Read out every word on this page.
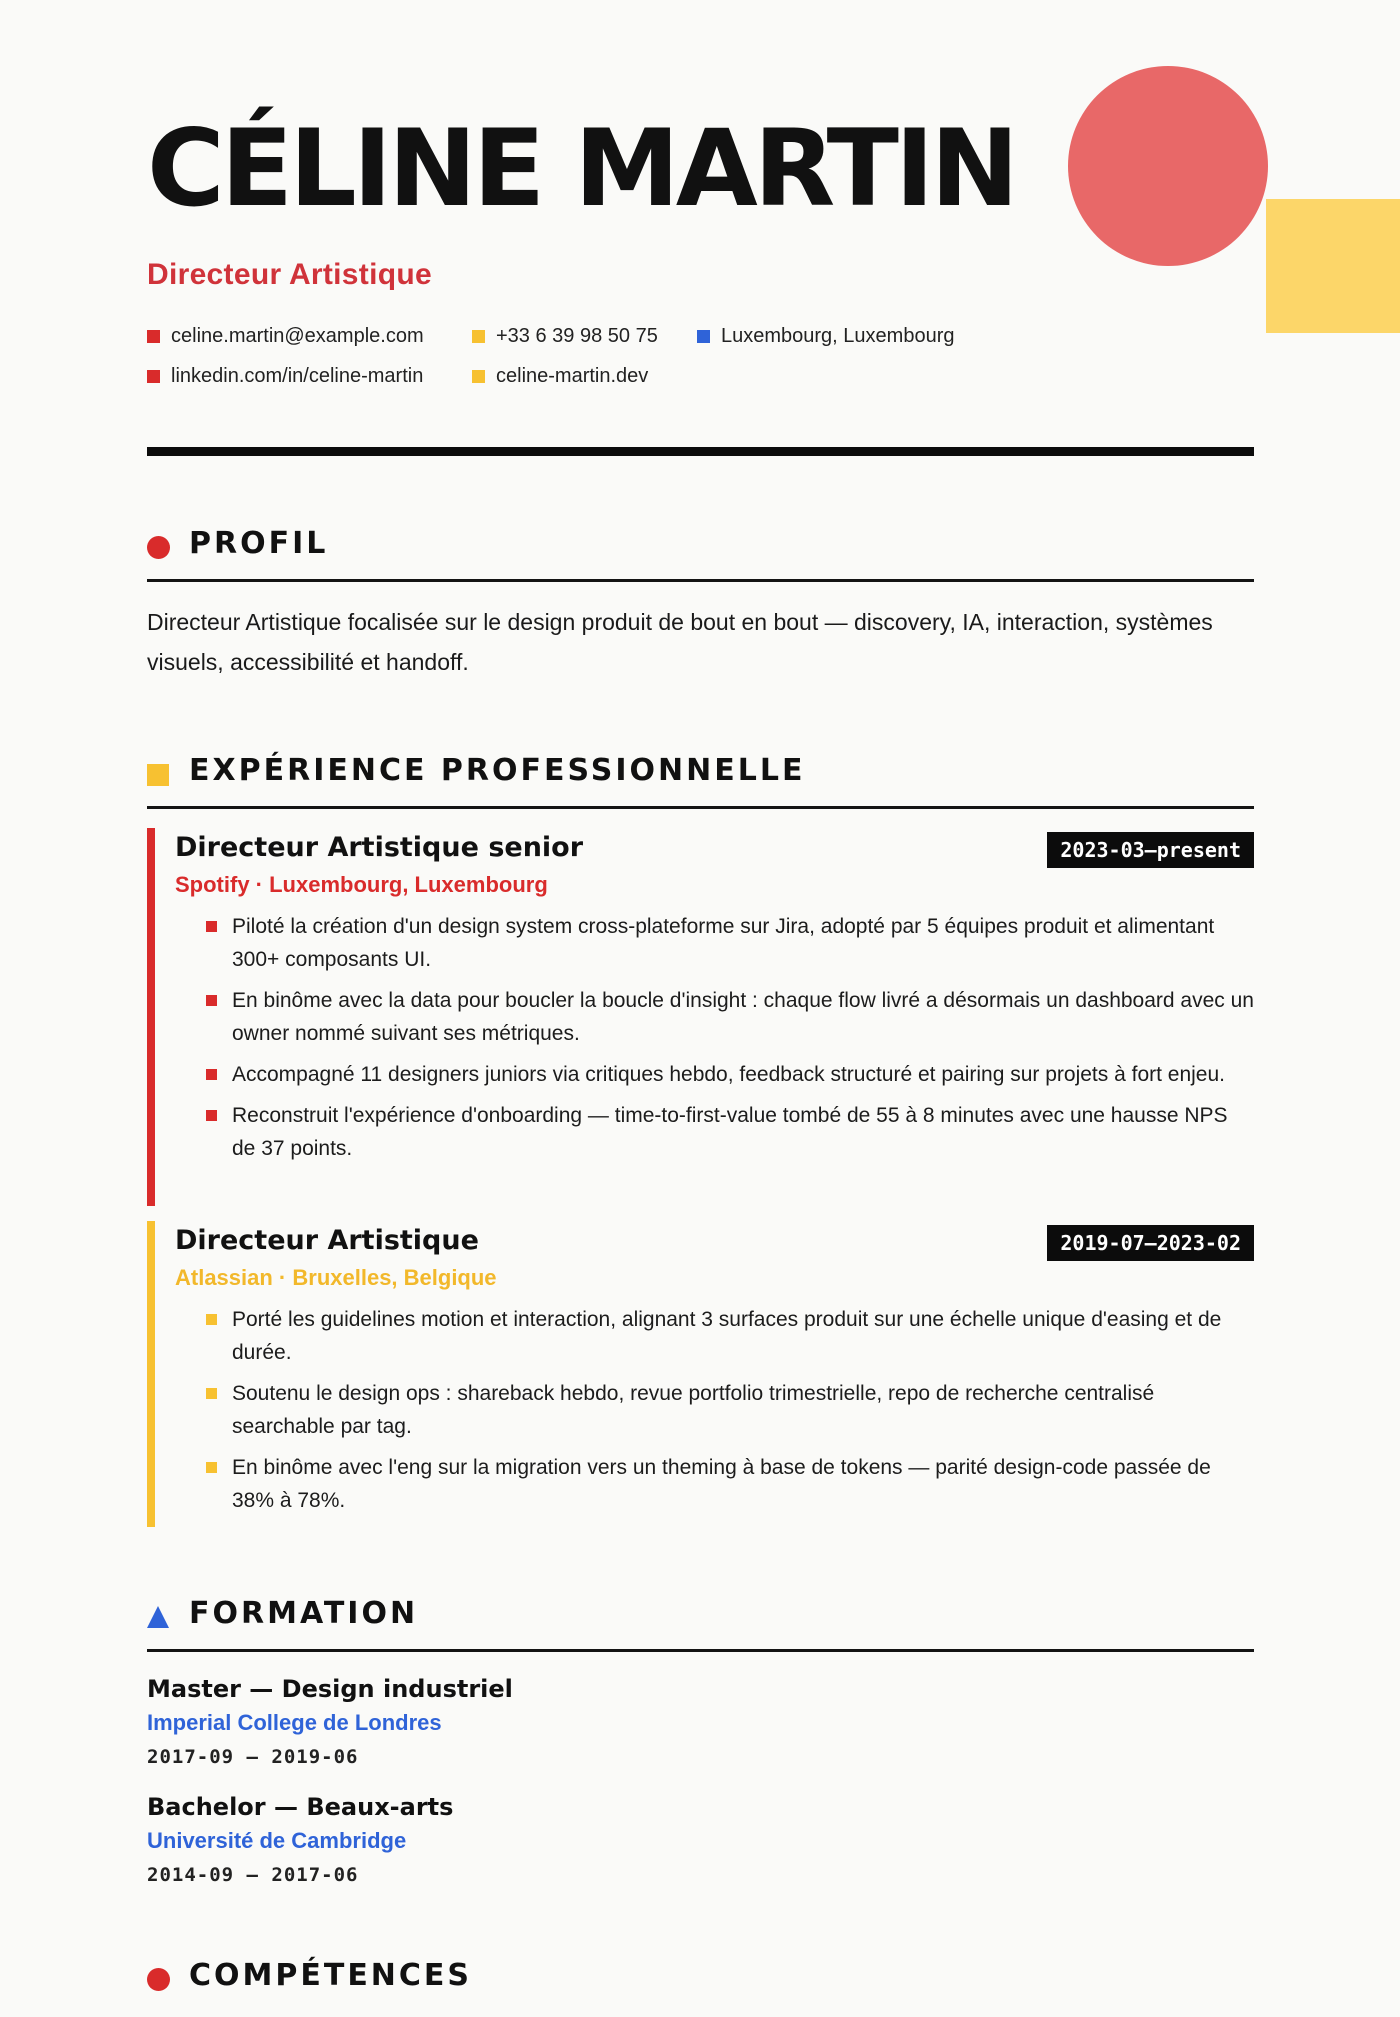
CÉLINE MARTIN
Directeur Artistique
celine.martin@example.com	+33 6 39 98 50 75	Luxembourg, Luxembourg
linkedin.com/in/celine-martin	celine-martin.dev
PROFIL
Directeur Artistique focalisée sur le design produit de bout en bout — discovery, IA, interaction, systèmes visuels, accessibilité et handoff.
EXPÉRIENCE PROFESSIONNELLE
Directeur Artistique senior	2023-03—present
Spotify · Luxembourg, Luxembourg
Piloté la création d'un design system cross-plateforme sur Jira, adopté par 5 équipes produit et alimentant 300+ composants UI.
En binôme avec la data pour boucler la boucle d'insight : chaque flow livré a désormais un dashboard avec un owner nommé suivant ses métriques.
Accompagné 11 designers juniors via critiques hebdo, feedback structuré et pairing sur projets à fort enjeu.
Reconstruit l'expérience d'onboarding — time-to-first-value tombé de 55 à 8 minutes avec une hausse NPS de 37 points.
Directeur Artistique	2019-07—2023-02
Atlassian · Bruxelles, Belgique
Porté les guidelines motion et interaction, alignant 3 surfaces produit sur une échelle unique d'easing et de durée.
Soutenu le design ops : shareback hebdo, revue portfolio trimestrielle, repo de recherche centralisé searchable par tag.
En binôme avec l'eng sur la migration vers un theming à base de tokens — parité design-code passée de 38% à 78%.
FORMATION
Master — Design industriel
Imperial College de Londres
2017-09 – 2019-06
Bachelor — Beaux-arts
Université de Cambridge
2014-09 – 2017-06
COMPÉTENCES
